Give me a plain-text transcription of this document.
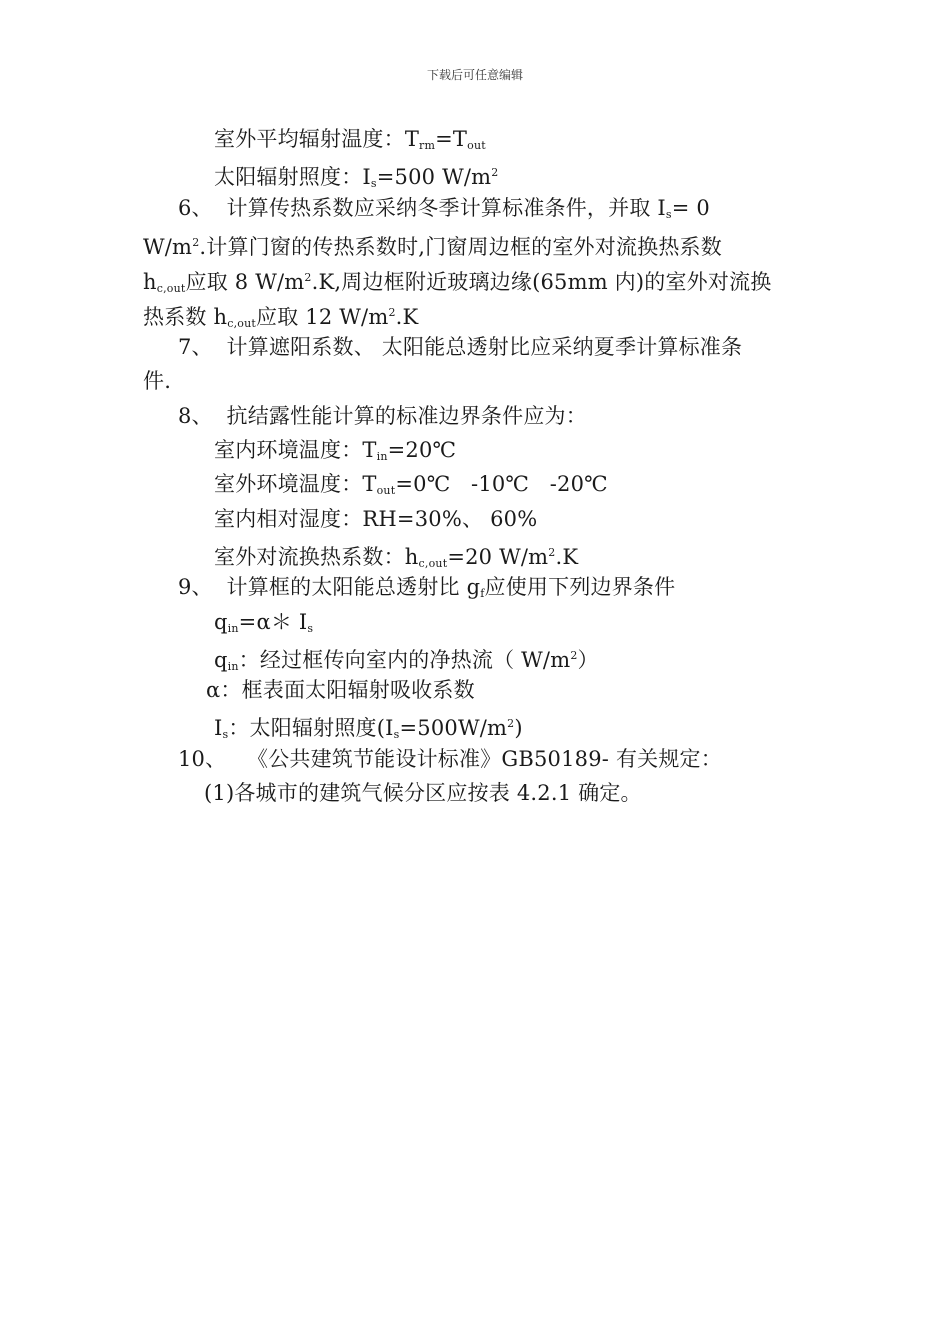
下载后可任意编辑
室外平均辐射温度：$T_{rm}=T_{out}$
太阳辐射照度：$I_s=500$ $W/m^2$
6、 计算传热系数应采纳冬季计算标准条件，并取 $I_s= 0$
$W/m^2$.计算门窗的传热系数时,门窗周边框的室外对流换热系数
$h_{c,out}$应取 8 $W/m^2.K$,周边框附近玻璃边缘(65mm 内)的室外对流换
热系数 $h_{c,out}$应取 12 $W/m^2.K$
7、 计算遮阳系数、 太阳能总透射比应采纳夏季计算标准条
件.
8、 抗结露性能计算的标准边界条件应为：
室内环境温度：$T_{in}=20℃$
室外环境温度：$T_{out}=0℃$   -10℃   -20℃
室内相对湿度：RH=30%、 60%
室外对流换热系数：$h_{c,out}=20$ $W/m^2.K$
9、 计算框的太阳能总透射比 $g_f$应使用下列边界条件
$q_{in}=\alpha*$ $I_s$
$q_{in}$：经过框传向室内的净热流（ $W/m^2$）
α：框表面太阳辐射吸收系数
$I_s$：太阳辐射照度$(I_s=500W/m^2)$
10、 《公共建筑节能设计标准》GB50189- 有关规定：
(1)各城市的建筑气候分区应按表 4.2.1 确定。
